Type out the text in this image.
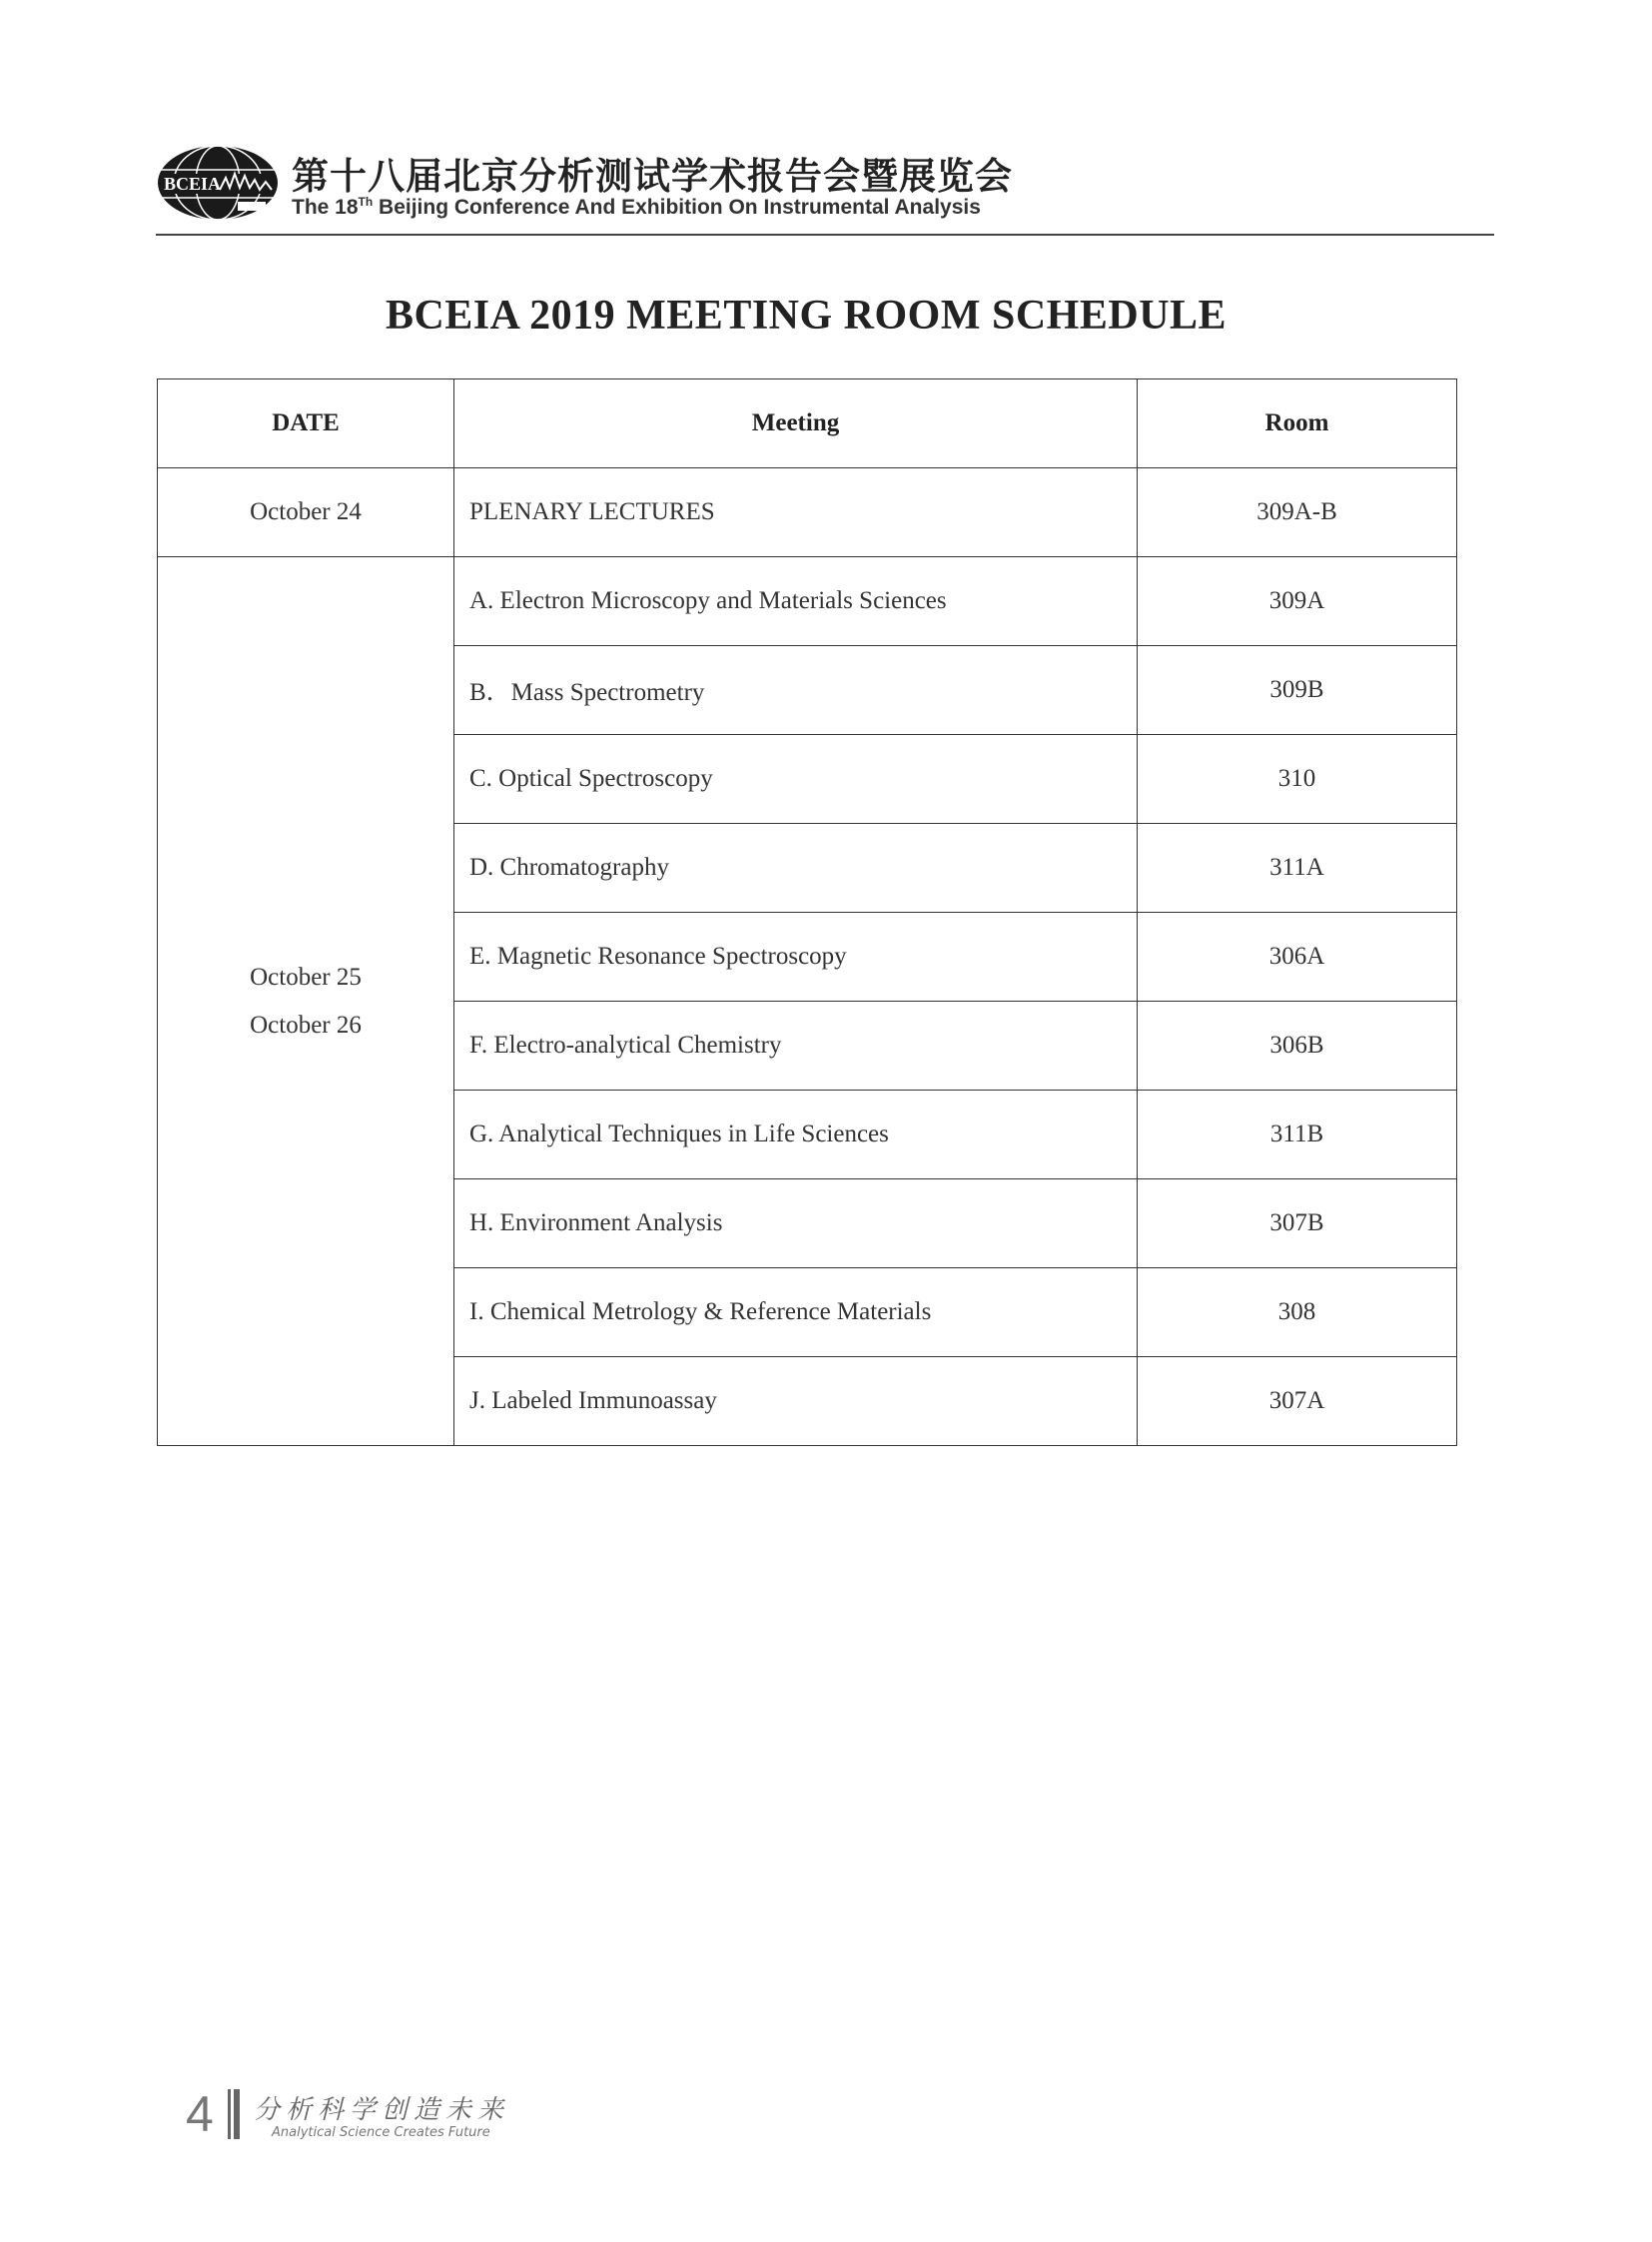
BCEIA 第十八届北京分析测试学术报告会暨展览会
The 18Th Beijing Conference And Exhibition On Instrumental Analysis
BCEIA 2019 MEETING ROOM SCHEDULE
DATE	Meeting	Room
October 24	PLENARY LECTURES	309A-B

October 25
October 26	A. Electron Microscopy and Materials Sciences	309A
	B．Mass Spectrometry	309B
	C. Optical Spectroscopy	310
	D. Chromatography	311A
	E. Magnetic Resonance Spectroscopy	306A
	F. Electro-analytical Chemistry	306B
	G. Analytical Techniques in Life Sciences	311B
	H. Environment Analysis	307B
	I. Chemical Metrology & Reference Materials	308
	J. Labeled Immunoassay	307A
4 分析科学创造未来
Analytical Science Creates Future
